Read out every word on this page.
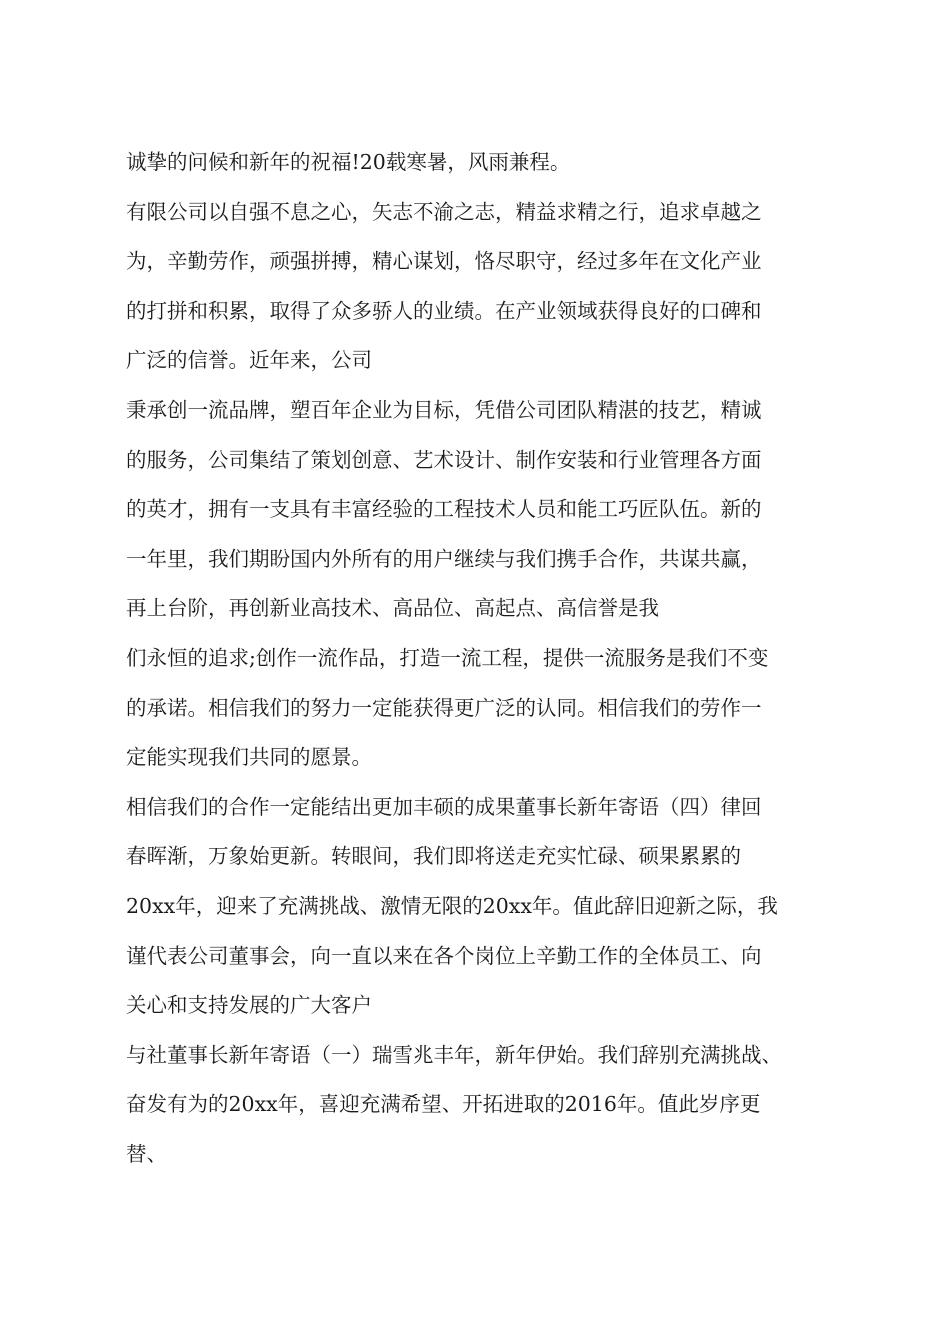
诚挚的问候和新年的祝福!20载寒暑，风雨兼程。
有限公司以自强不息之心，矢志不渝之志，精益求精之行，追求卓越之
为，辛勤劳作，顽强拼搏，精心谋划，恪尽职守，经过多年在文化产业
的打拼和积累，取得了众多骄人的业绩。在产业领域获得良好的口碑和
广泛的信誉。近年来，公司
秉承创一流品牌，塑百年企业为目标，凭借公司团队精湛的技艺，精诚
的服务，公司集结了策划创意、艺术设计、制作安装和行业管理各方面
的英才，拥有一支具有丰富经验的工程技术人员和能工巧匠队伍。新的
一年里，我们期盼国内外所有的用户继续与我们携手合作，共谋共赢，
再上台阶，再创新业高技术、高品位、高起点、高信誉是我
们永恒的追求;创作一流作品，打造一流工程，提供一流服务是我们不变
的承诺。相信我们的努力一定能获得更广泛的认同。相信我们的劳作一
定能实现我们共同的愿景。
相信我们的合作一定能结出更加丰硕的成果董事长新年寄语（四）律回
春晖渐，万象始更新。转眼间，我们即将送走充实忙碌、硕果累累的
20xx年，迎来了充满挑战、激情无限的20xx年。值此辞旧迎新之际，我
谨代表公司董事会，向一直以来在各个岗位上辛勤工作的全体员工、向
关心和支持发展的广大客户
与社董事长新年寄语（一）瑞雪兆丰年，新年伊始。我们辞别充满挑战、
奋发有为的20xx年，喜迎充满希望、开拓进取的2016年。值此岁序更
替、
